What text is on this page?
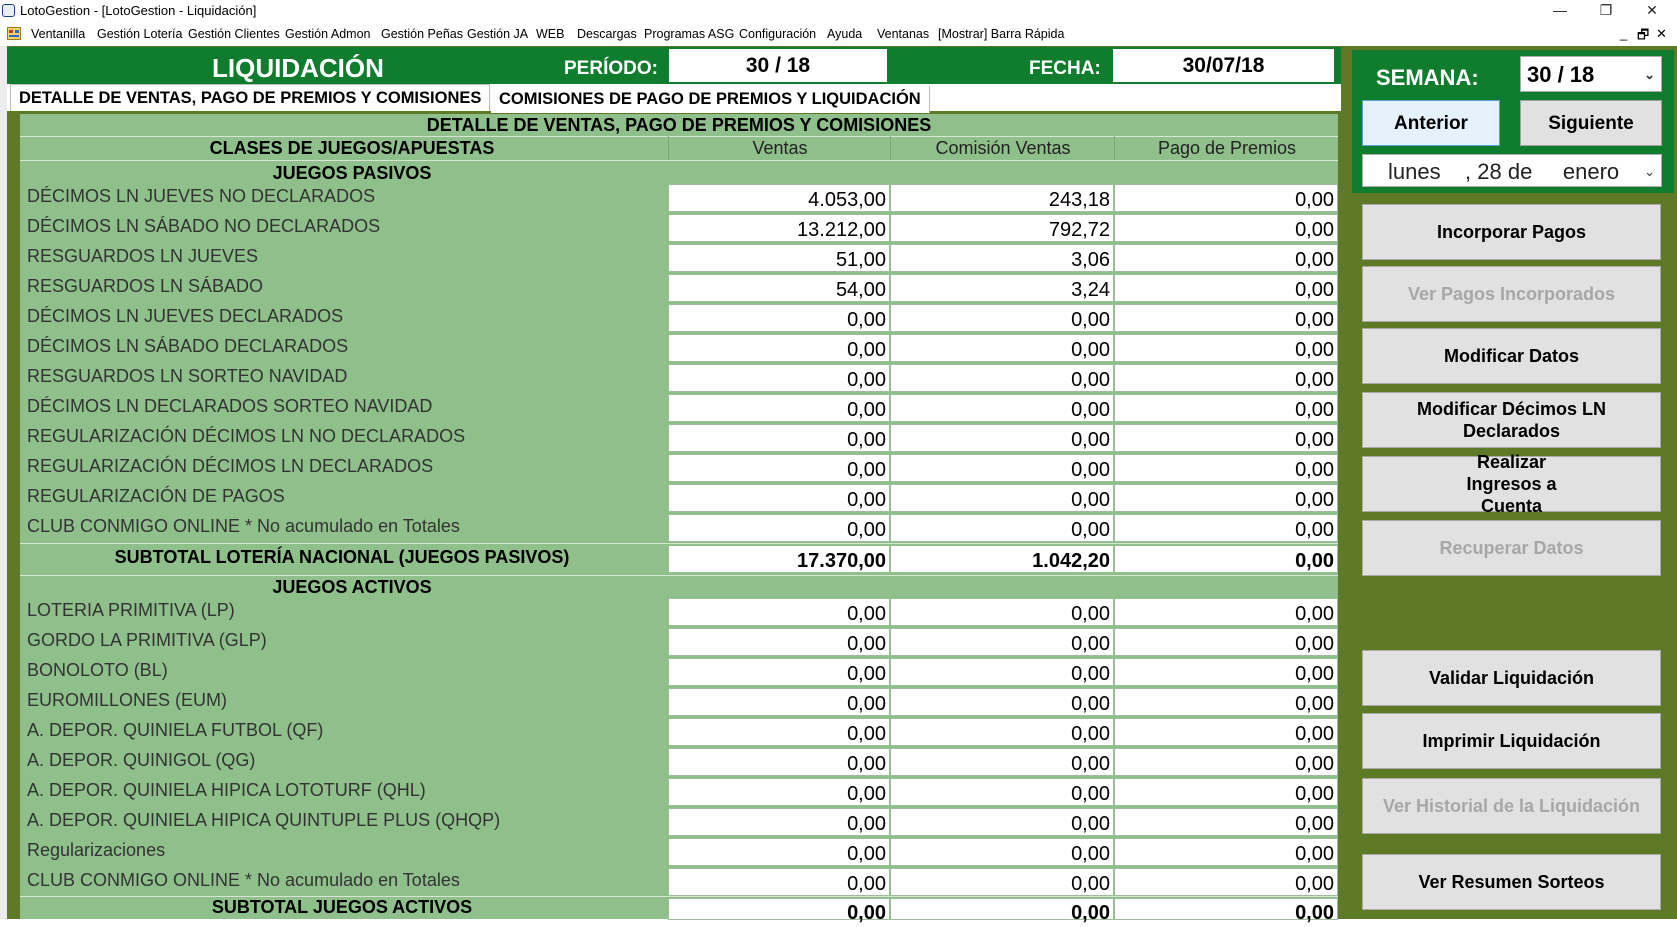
LotoGestion - [LotoGestion - Liquidación]	—	❐	✕
Ventanilla Gestión Lotería Gestión Clientes Gestión Admon Gestión Peñas Gestión JA WEB Descargas Programas ASG Configuración Ayuda Ventanas [Mostrar] Barra Rápida	_ 🗗 ✕
LIQUIDACIÓN	PERÍODO:	30 / 18	FECHA:	30/07/18
DETALLE DE VENTAS, PAGO DE PREMIOS Y COMISIONES	COMISIONES DE PAGO DE PREMIOS Y LIQUIDACIÓN
DETALLE DE VENTAS, PAGO DE PREMIOS Y COMISIONES
CLASES DE JUEGOS/APUESTAS	Ventas	Comisión Ventas	Pago de Premios
JUEGOS PASIVOS
DÉCIMOS LN JUEVES NO DECLARADOS	4.053,00	243,18	0,00
DÉCIMOS LN SÁBADO NO DECLARADOS	13.212,00	792,72	0,00
RESGUARDOS LN JUEVES	51,00	3,06	0,00
RESGUARDOS LN SÁBADO	54,00	3,24	0,00
DÉCIMOS LN JUEVES DECLARADOS	0,00	0,00	0,00
DÉCIMOS LN SÁBADO DECLARADOS	0,00	0,00	0,00
RESGUARDOS LN SORTEO NAVIDAD	0,00	0,00	0,00
DÉCIMOS LN DECLARADOS SORTEO NAVIDAD	0,00	0,00	0,00
REGULARIZACIÓN DÉCIMOS LN NO DECLARADOS	0,00	0,00	0,00
REGULARIZACIÓN DÉCIMOS LN DECLARADOS	0,00	0,00	0,00
REGULARIZACIÓN DE PAGOS	0,00	0,00	0,00
CLUB CONMIGO ONLINE * No acumulado en Totales	0,00	0,00	0,00
SUBTOTAL LOTERÍA NACIONAL (JUEGOS PASIVOS)	17.370,00	1.042,20	0,00
JUEGOS ACTIVOS
LOTERIA PRIMITIVA (LP)	0,00	0,00	0,00
GORDO LA PRIMITIVA (GLP)	0,00	0,00	0,00
BONOLOTO (BL)	0,00	0,00	0,00
EUROMILLONES (EUM)	0,00	0,00	0,00
A. DEPOR. QUINIELA FUTBOL (QF)	0,00	0,00	0,00
A. DEPOR. QUINIGOL (QG)	0,00	0,00	0,00
A. DEPOR. QUINIELA HIPICA LOTOTURF (QHL)	0,00	0,00	0,00
A. DEPOR. QUINIELA HIPICA QUINTUPLE PLUS (QHQP)	0,00	0,00	0,00
Regularizaciones	0,00	0,00	0,00
CLUB CONMIGO ONLINE * No acumulado en Totales	0,00	0,00	0,00
SUBTOTAL JUEGOS ACTIVOS	0,00	0,00	0,00
SEMANA:	30 / 18	⌄
Anterior	Siguiente
lunes    , 28 de     enero ⌄
Incorporar Pagos
Ver Pagos Incorporados
Modificar Datos
Modificar Décimos LN Declarados
Realizar Ingresos a Cuenta
Recuperar Datos
Validar Liquidación
Imprimir Liquidación
Ver Historial de la Liquidación
Ver Resumen Sorteos
